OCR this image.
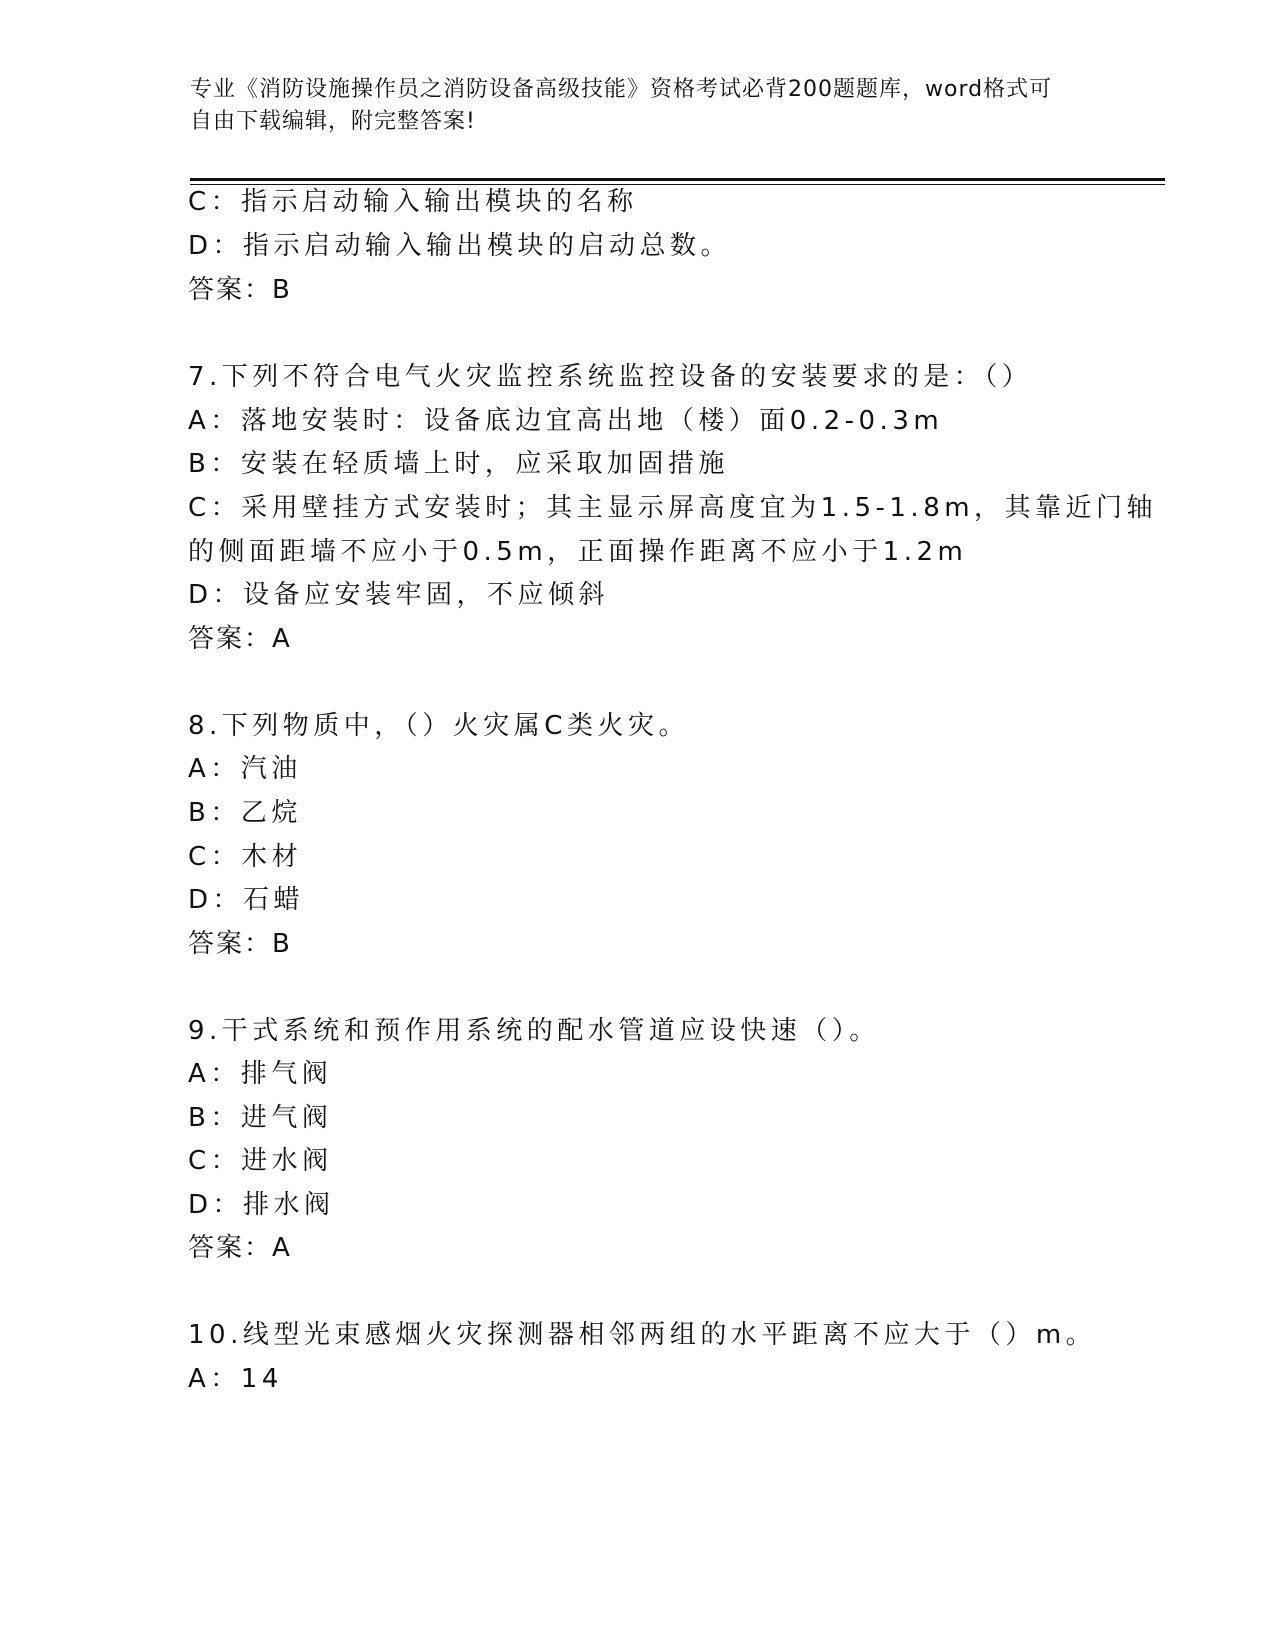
专业《消防设施操作员之消防设备高级技能》资格考试必背200题题库，word格式可自由下载编辑，附完整答案!
C：指示启动输入输出模块的名称
D：指示启动输入输出模块的启动总数。
答案：B
7.下列不符合电气火灾监控系统监控设备的安装要求的是：（）
A：落地安装时：设备底边宜高出地（楼）面0.2-0.3m
B：安装在轻质墙上时，应采取加固措施
C：采用壁挂方式安装时；其主显示屏高度宜为1.5-1.8m，其靠近门轴
的侧面距墙不应小于0.5m，正面操作距离不应小于1.2m
D：设备应安装牢固，不应倾斜
答案：A
8.下列物质中，（）火灾属C类火灾。
A：汽油
B：乙烷
C：木材
D：石蜡
答案：B
9.干式系统和预作用系统的配水管道应设快速（）。
A：排气阀
B：进气阀
C：进水阀
D：排水阀
答案：A
10.线型光束感烟火灾探测器相邻两组的水平距离不应大于（）m。
A：14
